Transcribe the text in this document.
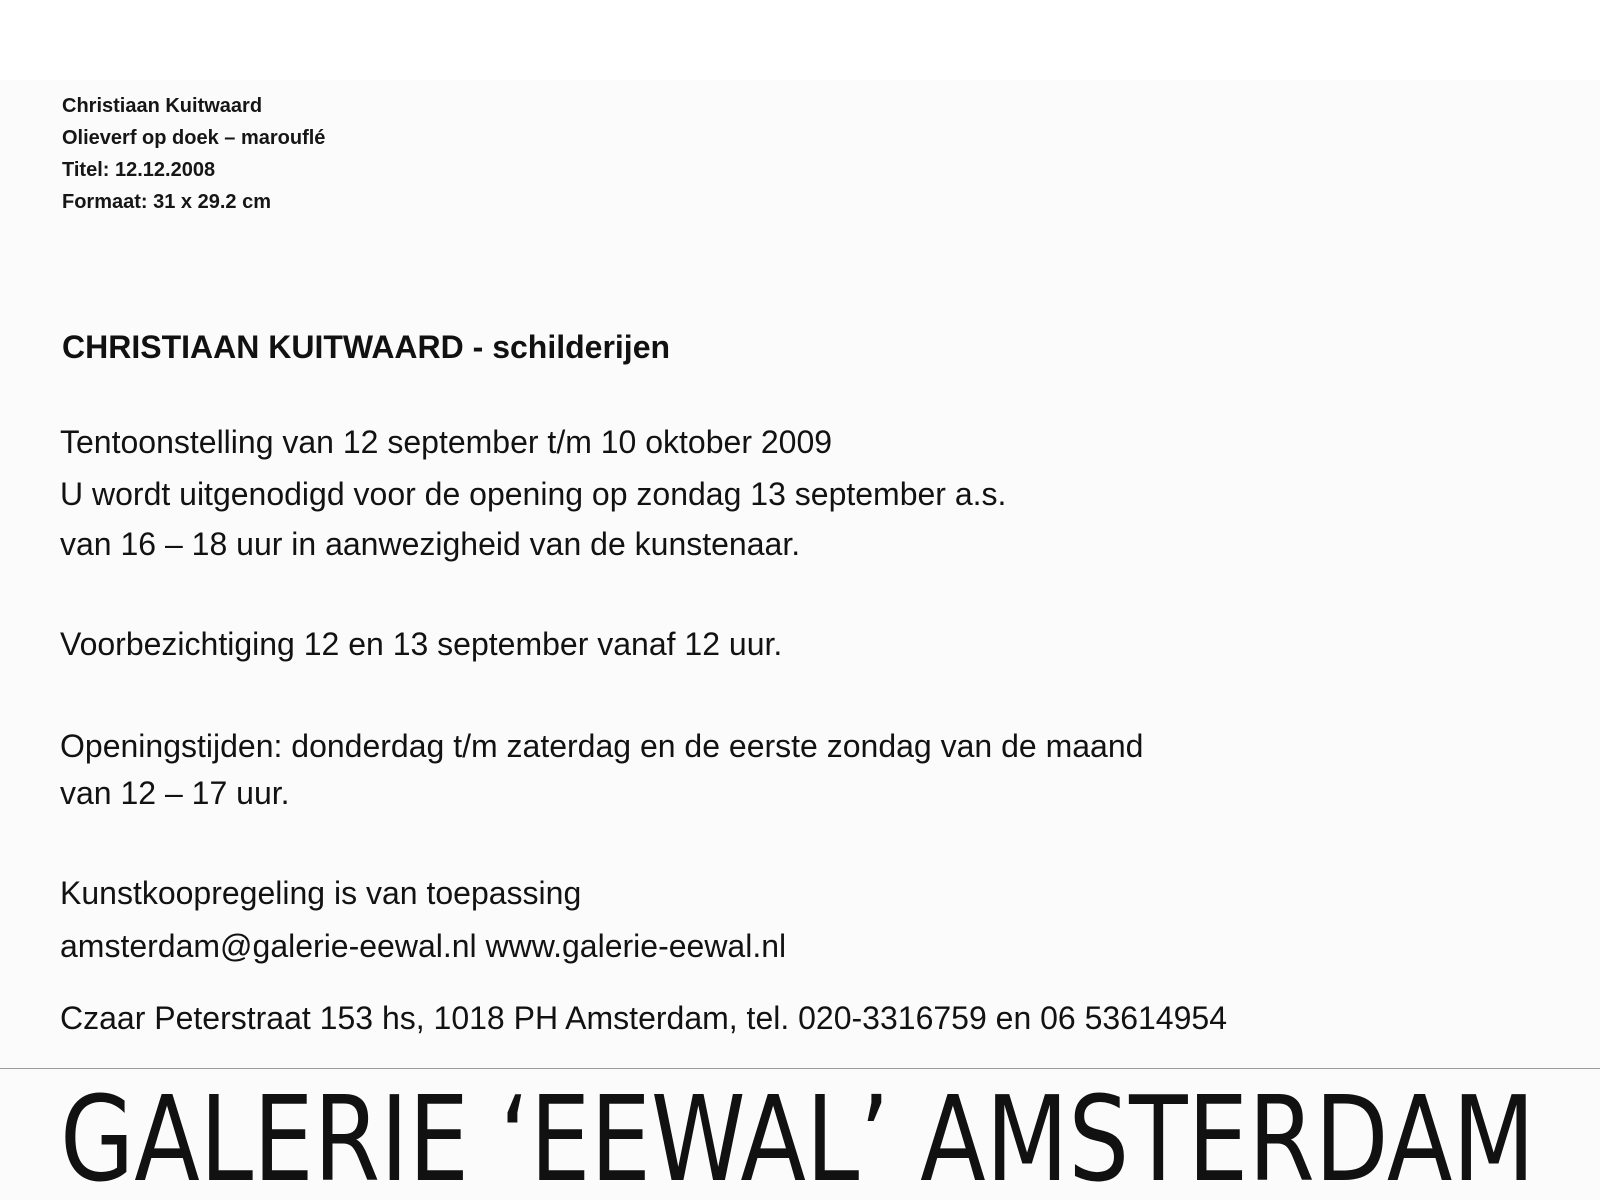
Christiaan Kuitwaard

Olieverf op doek – marouflé

Titel: 12.12.2008

Formaat: 31 x 29.2 cm

CHRISTIAAN KUITWAARD - schilderijen

Tentoonstelling van 12 september t/m 10 oktober 2009

U wordt uitgenodigd voor de opening op zondag 13 september a.s.

van 16 – 18 uur in aanwezigheid van de kunstenaar.

Voorbezichtiging 12 en 13 september vanaf 12 uur.

Openingstijden: donderdag t/m zaterdag en de eerste zondag van de maand

van 12 – 17 uur.

Kunstkoopregeling is van toepassing

amsterdam@galerie-eewal.nl www.galerie-eewal.nl

Czaar Peterstraat 153 hs, 1018 PH Amsterdam, tel. 020-3316759 en 06 53614954

GALERIE ‘EEWAL’ AMSTERDAM
